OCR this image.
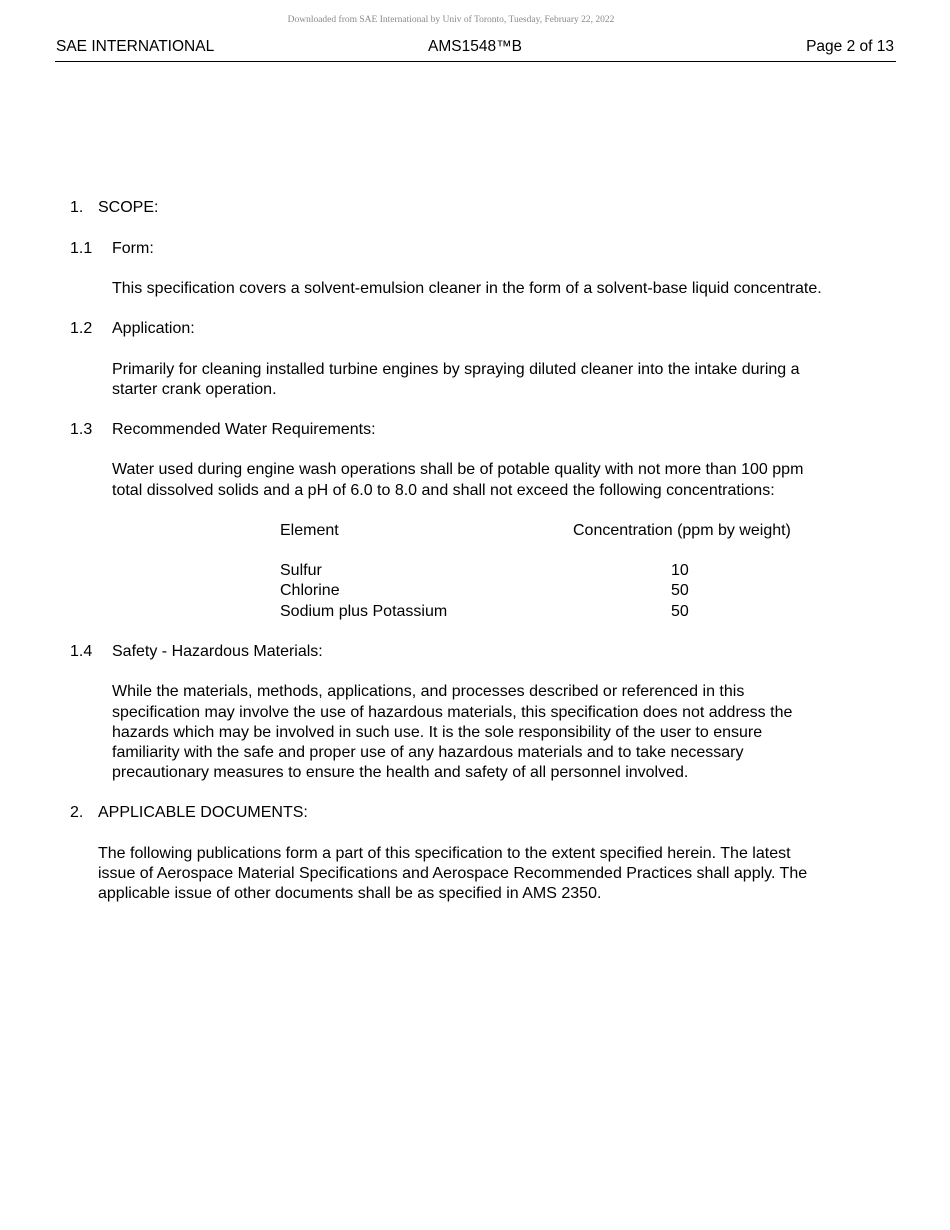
Downloaded from SAE International by Univ of Toronto, Tuesday, February 22, 2022
SAE INTERNATIONAL	AMS1548™B	Page 2 of 13
1. SCOPE:
1.1 Form:
This specification covers a solvent-emulsion cleaner in the form of a solvent-base liquid concentrate.
1.2 Application:
Primarily for cleaning installed turbine engines by spraying diluted cleaner into the intake during a
starter crank operation.
1.3 Recommended Water Requirements:
Water used during engine wash operations shall be of potable quality with not more than 100 ppm
total dissolved solids and a pH of 6.0 to 8.0 and shall not exceed the following concentrations:
Element	Concentration (ppm by weight)
Sulfur	10
Chlorine	50
Sodium plus Potassium	50
1.4 Safety - Hazardous Materials:
While the materials, methods, applications, and processes described or referenced in this
specification may involve the use of hazardous materials, this specification does not address the
hazards which may be involved in such use. It is the sole responsibility of the user to ensure
familiarity with the safe and proper use of any hazardous materials and to take necessary
precautionary measures to ensure the health and safety of all personnel involved.
2. APPLICABLE DOCUMENTS:
The following publications form a part of this specification to the extent specified herein. The latest
issue of Aerospace Material Specifications and Aerospace Recommended Practices shall apply. The
applicable issue of other documents shall be as specified in AMS 2350.
